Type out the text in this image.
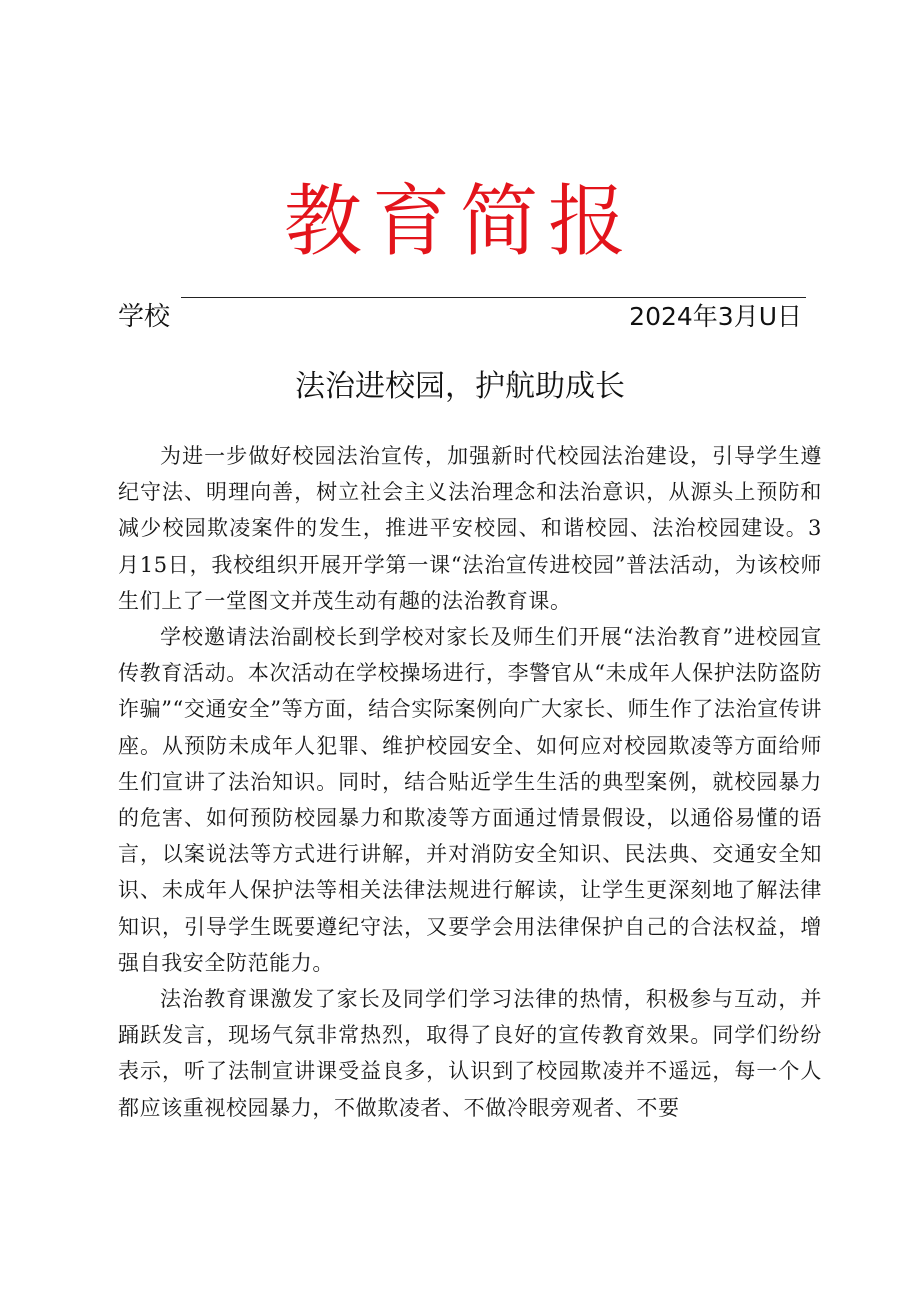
教育简报
学校	2024年3月U日
法治进校园，护航助成长

为进一步做好校园法治宣传，加强新时代校园法治建设，引导学生遵纪守法、明理向善，树立社会主义法治理念和法治意识，从源头上预防和减少校园欺凌案件的发生，推进平安校园、和谐校园、法治校园建设。3月15日，我校组织开展开学第一课“法治宣传进校园”普法活动，为该校师生们上了一堂图文并茂生动有趣的法治教育课。

学校邀请法治副校长到学校对家长及师生们开展“法治教育”进校园宣传教育活动。本次活动在学校操场进行，李警官从“未成年人保护法防盗防诈骗”“交通安全”等方面，结合实际案例向广大家长、师生作了法治宣传讲座。从预防未成年人犯罪、维护校园安全、如何应对校园欺凌等方面给师生们宣讲了法治知识。同时，结合贴近学生生活的典型案例，就校园暴力的危害、如何预防校园暴力和欺凌等方面通过情景假设，以通俗易懂的语言，以案说法等方式进行讲解，并对消防安全知识、民法典、交通安全知识、未成年人保护法等相关法律法规进行解读，让学生更深刻地了解法律知识，引导学生既要遵纪守法，又要学会用法律保护自己的合法权益，增强自我安全防范能力。

法治教育课激发了家长及同学们学习法律的热情，积极参与互动，并踊跃发言，现场气氛非常热烈，取得了良好的宣传教育效果。同学们纷纷表示，听了法制宣讲课受益良多，认识到了校园欺凌并不遥远，每一个人都应该重视校园暴力，不做欺凌者、不做冷眼旁观者、不要
